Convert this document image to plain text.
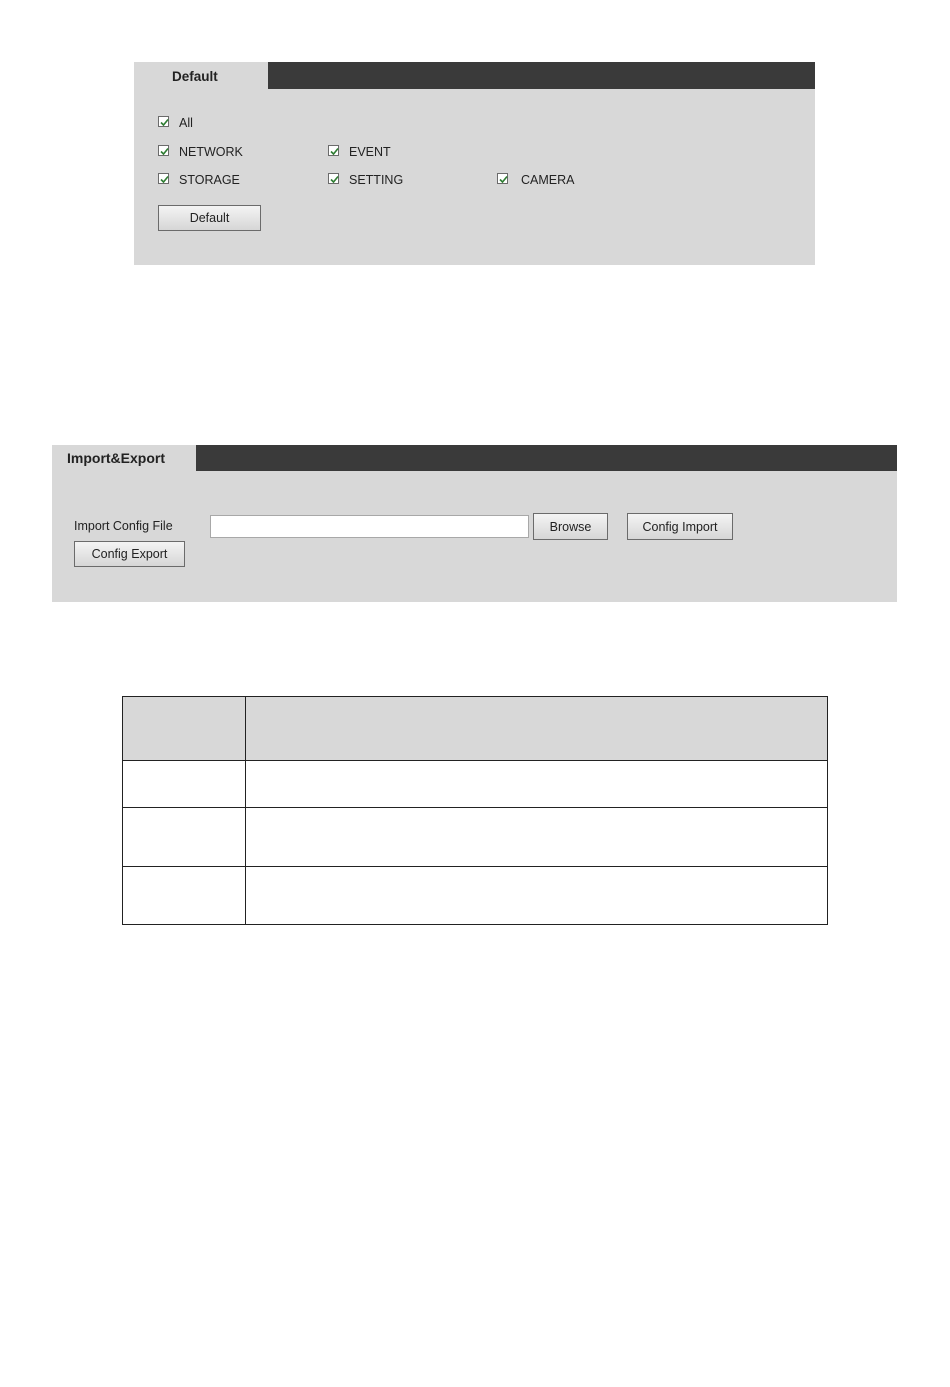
Default
All
NETWORK	EVENT
STORAGE	SETTING	CAMERA
Default
Import&Export
Import Config File	Browse	Config Import
Config Export
